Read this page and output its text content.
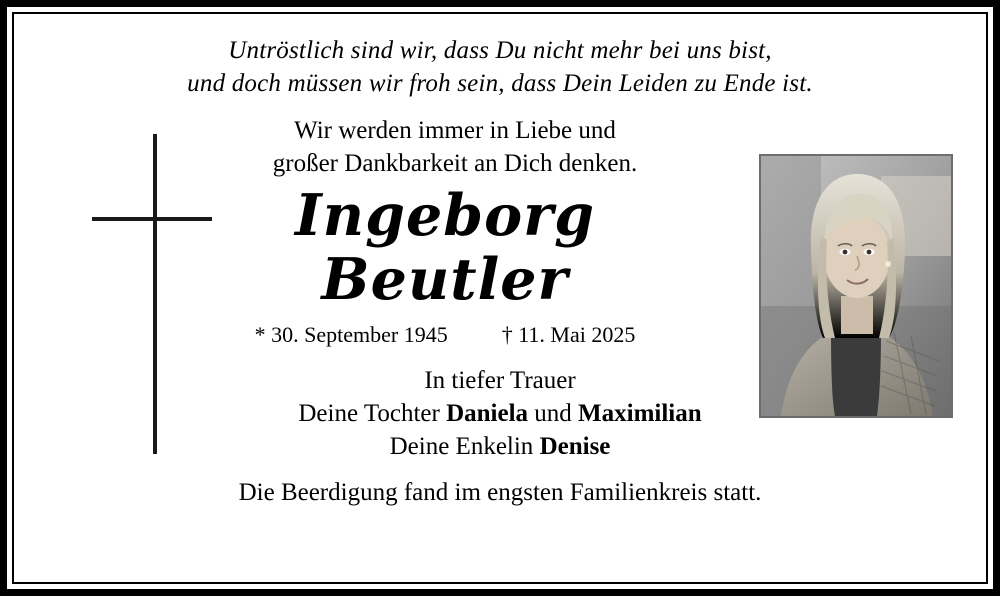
Untröstlich sind wir, dass Du nicht mehr bei uns bist,
und doch müssen wir froh sein, dass Dein Leiden zu Ende ist.
Wir werden immer in Liebe und
großer Dankbarkeit an Dich denken.
Ingeborg
Beutler
* 30. September 1945 † 11. Mai 2025
In tiefer Trauer
Deine Tochter Daniela und Maximilian
Deine Enkelin Denise
Die Beerdigung fand im engsten Familienkreis statt.
